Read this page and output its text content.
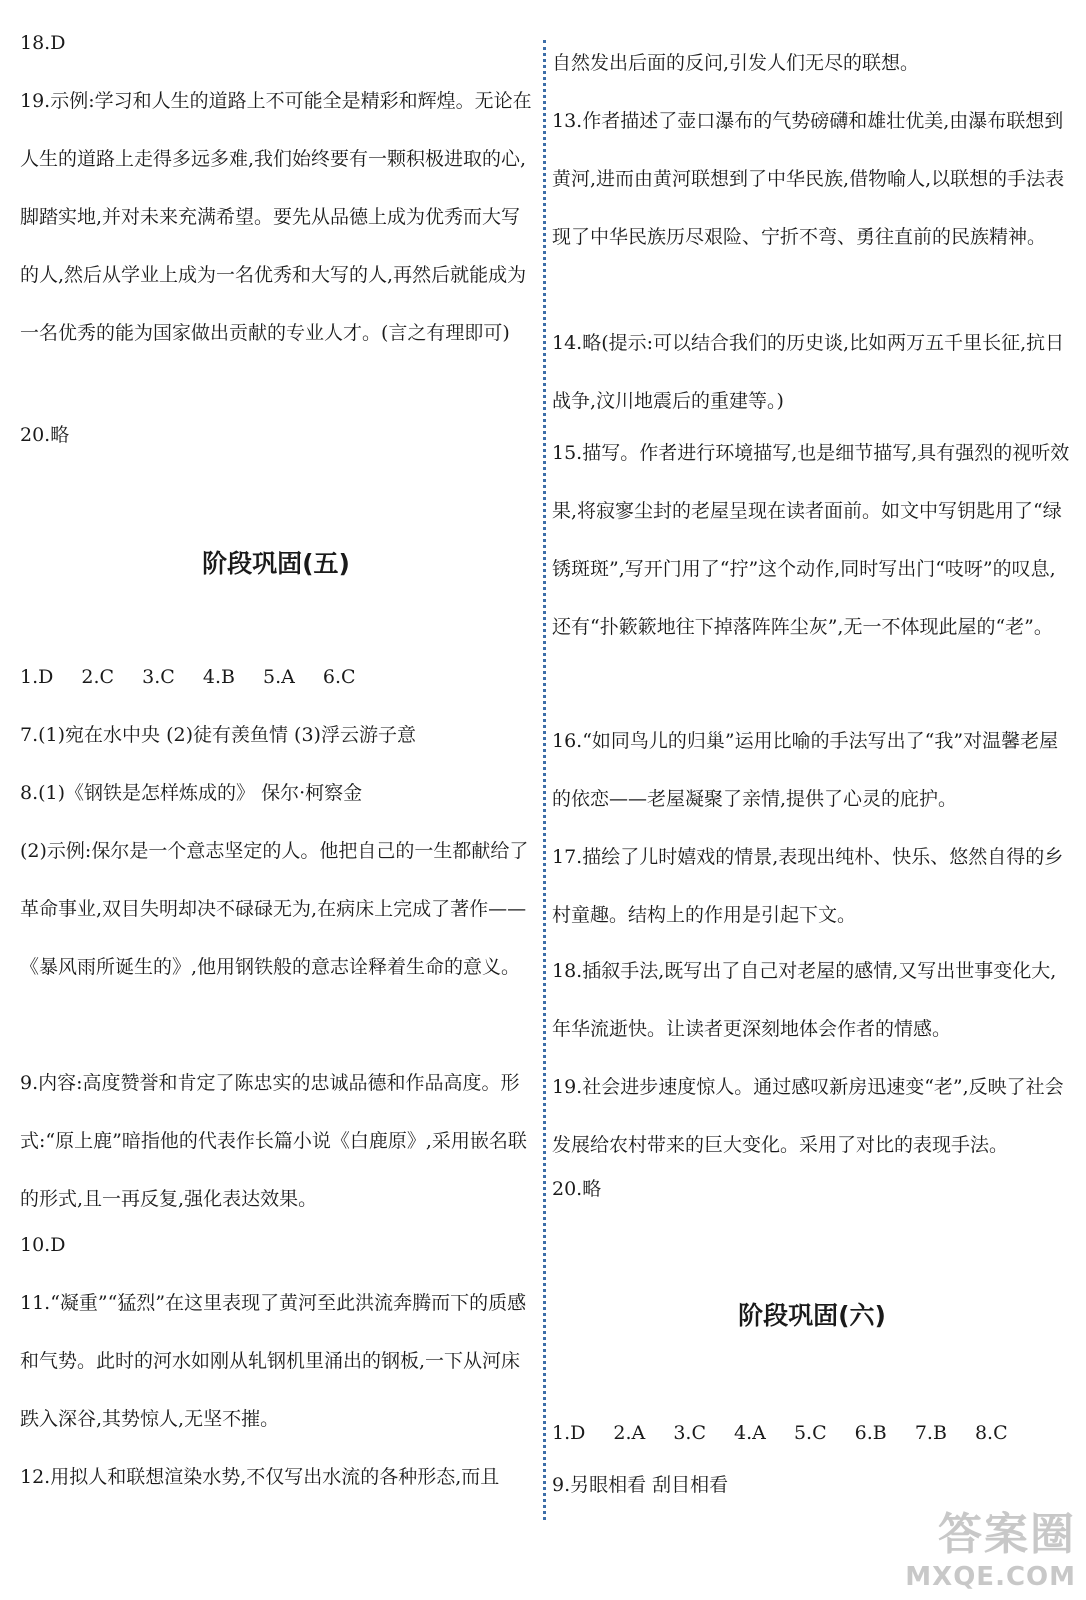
18.D
19.示例:学习和人生的道路上不可能全是精彩和辉煌。无论在人生的道路上走得多远多难,我们始终要有一颗积极进取的心,脚踏实地,并对未来充满希望。要先从品德上成为优秀而大写的人,然后从学业上成为一名优秀和大写的人,再然后就能成为一名优秀的能为国家做出贡献的专业人才。(言之有理即可)
20.略
阶段巩固(五)
1.D 2.C 3.C 4.B 5.A 6.C
7.(1)宛在水中央 (2)徒有羡鱼情 (3)浮云游子意
8.(1)《钢铁是怎样炼成的》 保尔·柯察金
(2)示例:保尔是一个意志坚定的人。他把自己的一生都献给了革命事业,双目失明却决不碌碌无为,在病床上完成了著作——《暴风雨所诞生的》,他用钢铁般的意志诠释着生命的意义。
9.内容:高度赞誉和肯定了陈忠实的忠诚品德和作品高度。形式:“原上鹿”暗指他的代表作长篇小说《白鹿原》,采用嵌名联的形式,且一再反复,强化表达效果。
10.D
11.“凝重”“猛烈”在这里表现了黄河至此洪流奔腾而下的质感和气势。此时的河水如刚从轧钢机里涌出的钢板,一下从河床跌入深谷,其势惊人,无坚不摧。
12.用拟人和联想渲染水势,不仅写出水流的各种形态,而且
自然发出后面的反问,引发人们无尽的联想。
13.作者描述了壶口瀑布的气势磅礴和雄壮优美,由瀑布联想到黄河,进而由黄河联想到了中华民族,借物喻人,以联想的手法表现了中华民族历尽艰险、宁折不弯、勇往直前的民族精神。
14.略(提示:可以结合我们的历史谈,比如两万五千里长征,抗日战争,汶川地震后的重建等。)
15.描写。作者进行环境描写,也是细节描写,具有强烈的视听效果,将寂寥尘封的老屋呈现在读者面前。如文中写钥匙用了“绿锈斑斑”,写开门用了“拧”这个动作,同时写出门“吱呀”的叹息,还有“扑簌簌地往下掉落阵阵尘灰”,无一不体现此屋的“老”。
16.“如同鸟儿的归巢”运用比喻的手法写出了“我”对温馨老屋的依恋——老屋凝聚了亲情,提供了心灵的庇护。
17.描绘了儿时嬉戏的情景,表现出纯朴、快乐、悠然自得的乡村童趣。结构上的作用是引起下文。
18.插叙手法,既写出了自己对老屋的感情,又写出世事变化大,年华流逝快。让读者更深刻地体会作者的情感。
19.社会进步速度惊人。通过感叹新房迅速变“老”,反映了社会发展给农村带来的巨大变化。采用了对比的表现手法。
20.略
阶段巩固(六)
1.D 2.A 3.C 4.A 5.C 6.B 7.B 8.C
9.另眼相看 刮目相看
答案圈
MXQE.COM
